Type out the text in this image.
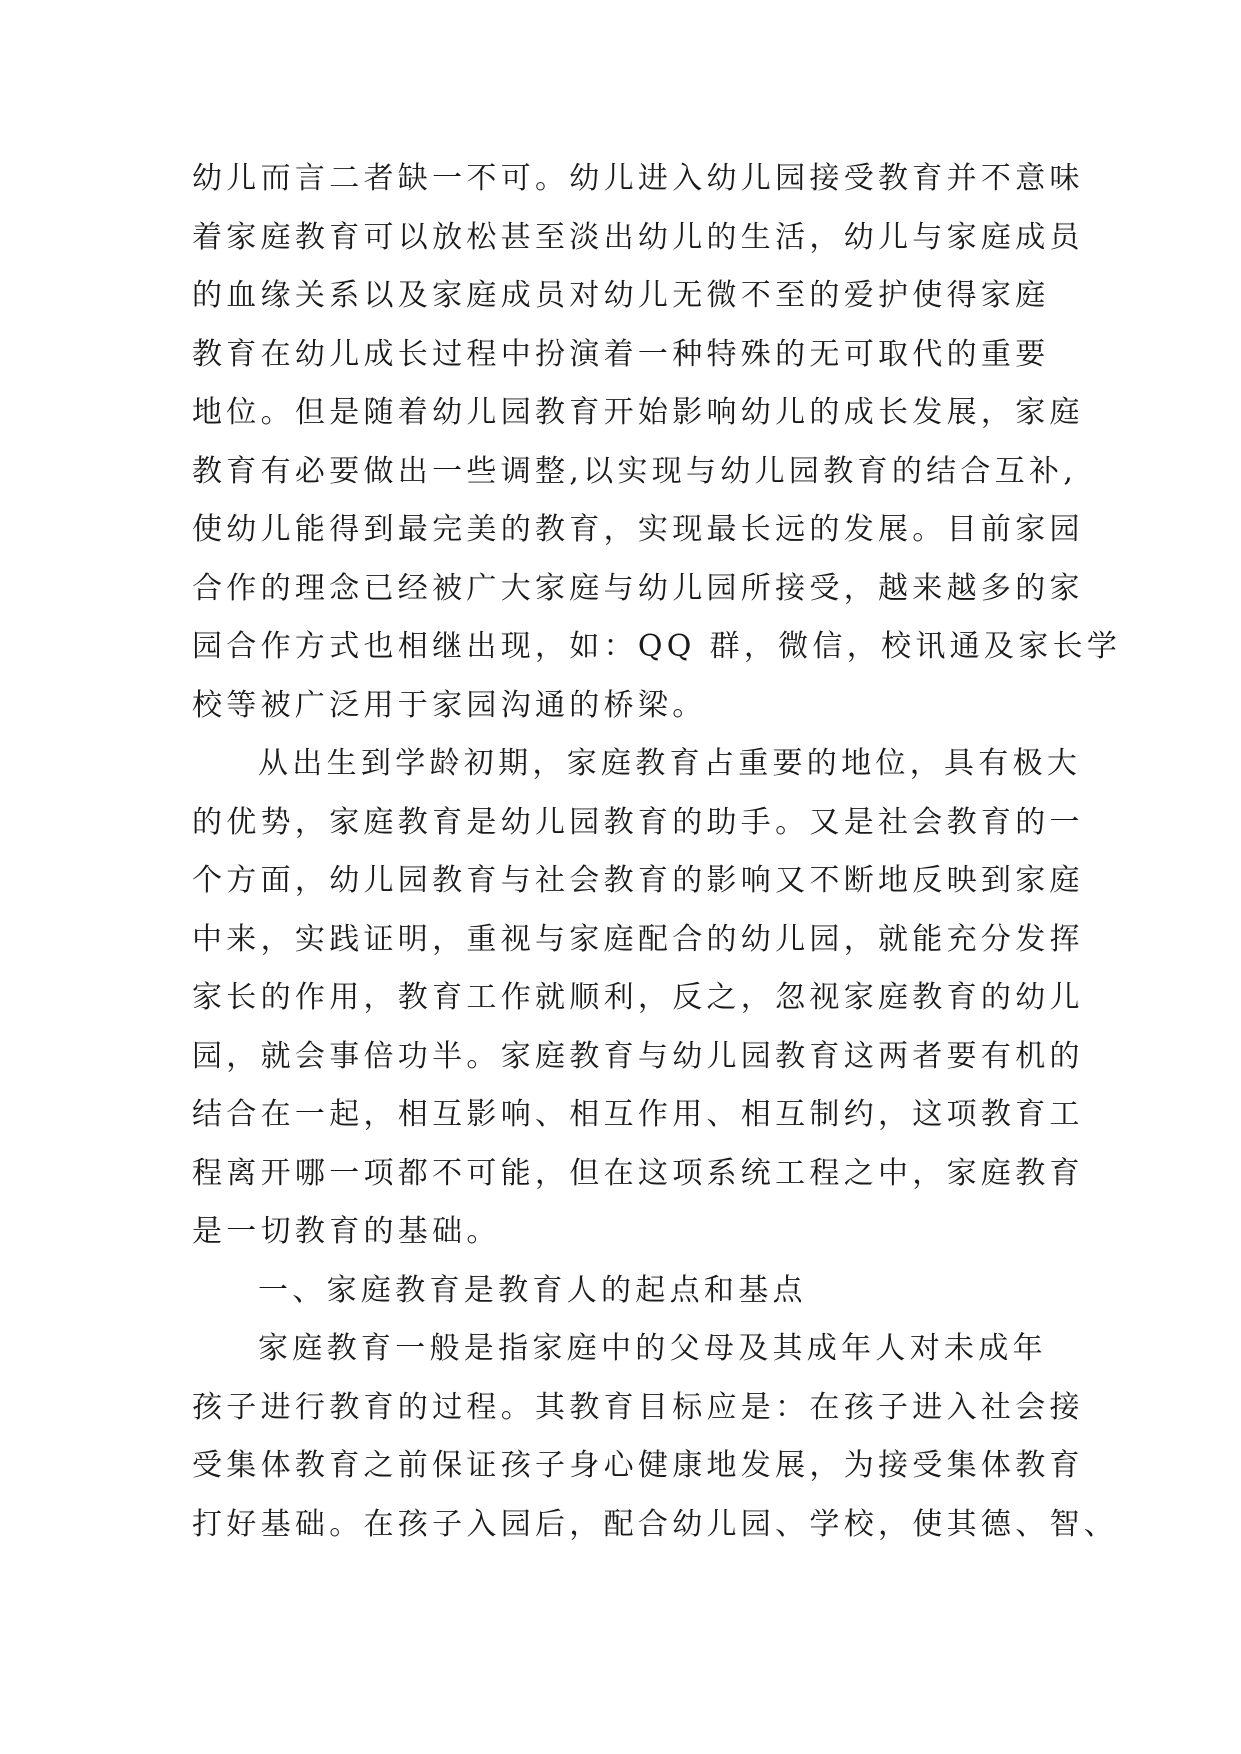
幼儿而言二者缺一不可。幼儿进入幼儿园接受教育并不意味
着家庭教育可以放松甚至淡出幼儿的生活，幼儿与家庭成员
的血缘关系以及家庭成员对幼儿无微不至的爱护使得家庭
教育在幼儿成长过程中扮演着一种特殊的无可取代的重要
地位。但是随着幼儿园教育开始影响幼儿的成长发展，家庭
教育有必要做出一些调整,以实现与幼儿园教育的结合互补,
使幼儿能得到最完美的教育，实现最长远的发展。目前家园
合作的理念已经被广大家庭与幼儿园所接受，越来越多的家
园合作方式也相继出现，如：QQ 群，微信，校讯通及家长学
校等被广泛用于家园沟通的桥梁。

从出生到学龄初期，家庭教育占重要的地位，具有极大
的优势，家庭教育是幼儿园教育的助手。又是社会教育的一
个方面，幼儿园教育与社会教育的影响又不断地反映到家庭
中来，实践证明，重视与家庭配合的幼儿园，就能充分发挥
家长的作用，教育工作就顺利，反之，忽视家庭教育的幼儿
园，就会事倍功半。家庭教育与幼儿园教育这两者要有机的
结合在一起，相互影响、相互作用、相互制约，这项教育工
程离开哪一项都不可能，但在这项系统工程之中，家庭教育
是一切教育的基础。

一、家庭教育是教育人的起点和基点

家庭教育一般是指家庭中的父母及其成年人对未成年
孩子进行教育的过程。其教育目标应是：在孩子进入社会接
受集体教育之前保证孩子身心健康地发展，为接受集体教育
打好基础。在孩子入园后，配合幼儿园、学校，使其德、智、
